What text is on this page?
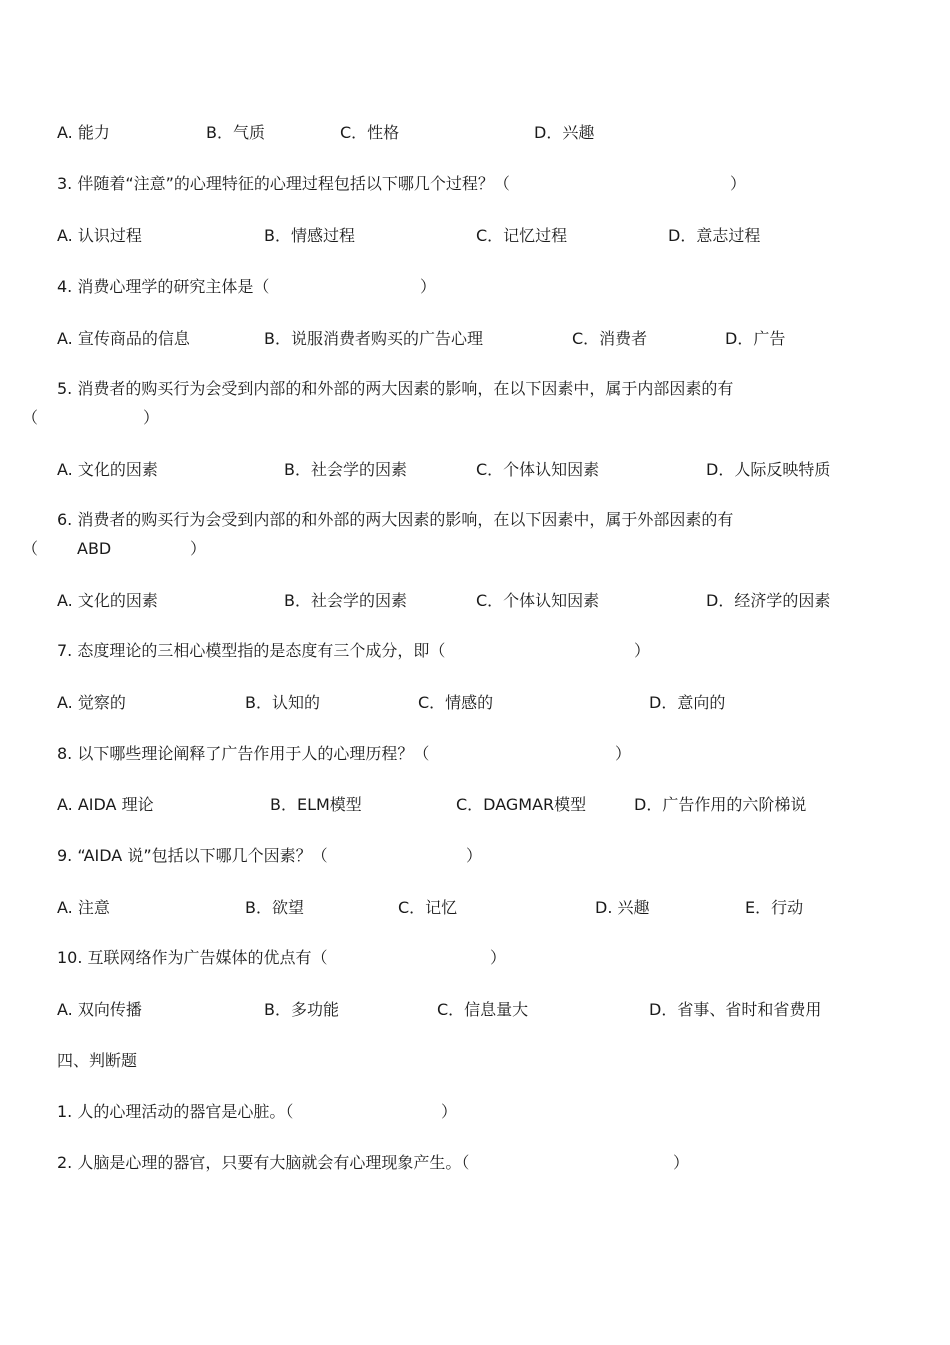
A. 能力	B．气质	C．性格	D．兴趣
3. 伴随着“注意”的心理特征的心理过程包括以下哪几个过程？（	）
A. 认识过程	B．情感过程	C．记忆过程	D．意志过程
4. 消费心理学的研究主体是（	）
A. 宣传商品的信息	B．说服消费者购买的广告心理	C．消费者	D．广告
5. 消费者的购买行为会受到内部的和外部的两大因素的影响，在以下因素中，属于内部因素的有
（	）
A. 文化的因素	B．社会学的因素	C．个体认知因素	D．人际反映特质
6. 消费者的购买行为会受到内部的和外部的两大因素的影响，在以下因素中，属于外部因素的有
（ ABD	）
A. 文化的因素	B．社会学的因素	C．个体认知因素	D．经济学的因素
7. 态度理论的三相心模型指的是态度有三个成分，即（	）
A. 觉察的	B．认知的	C．情感的	D．意向的
8. 以下哪些理论阐释了广告作用于人的心理历程？（	）
A. AIDA 理论	B．ELM模型	C．DAGMAR模型	D．广告作用的六阶梯说
9. “AIDA 说”包括以下哪几个因素？（	）
A. 注意	B．欲望	C．记忆	D. 兴趣	E．行动
10. 互联网络作为广告媒体的优点有（	）
A. 双向传播	B．多功能	C．信息量大	D．省事、省时和省费用
四、判断题
1. 人的心理活动的器官是心脏。（	）
2. 人脑是心理的器官，只要有大脑就会有心理现象产生。（	）
